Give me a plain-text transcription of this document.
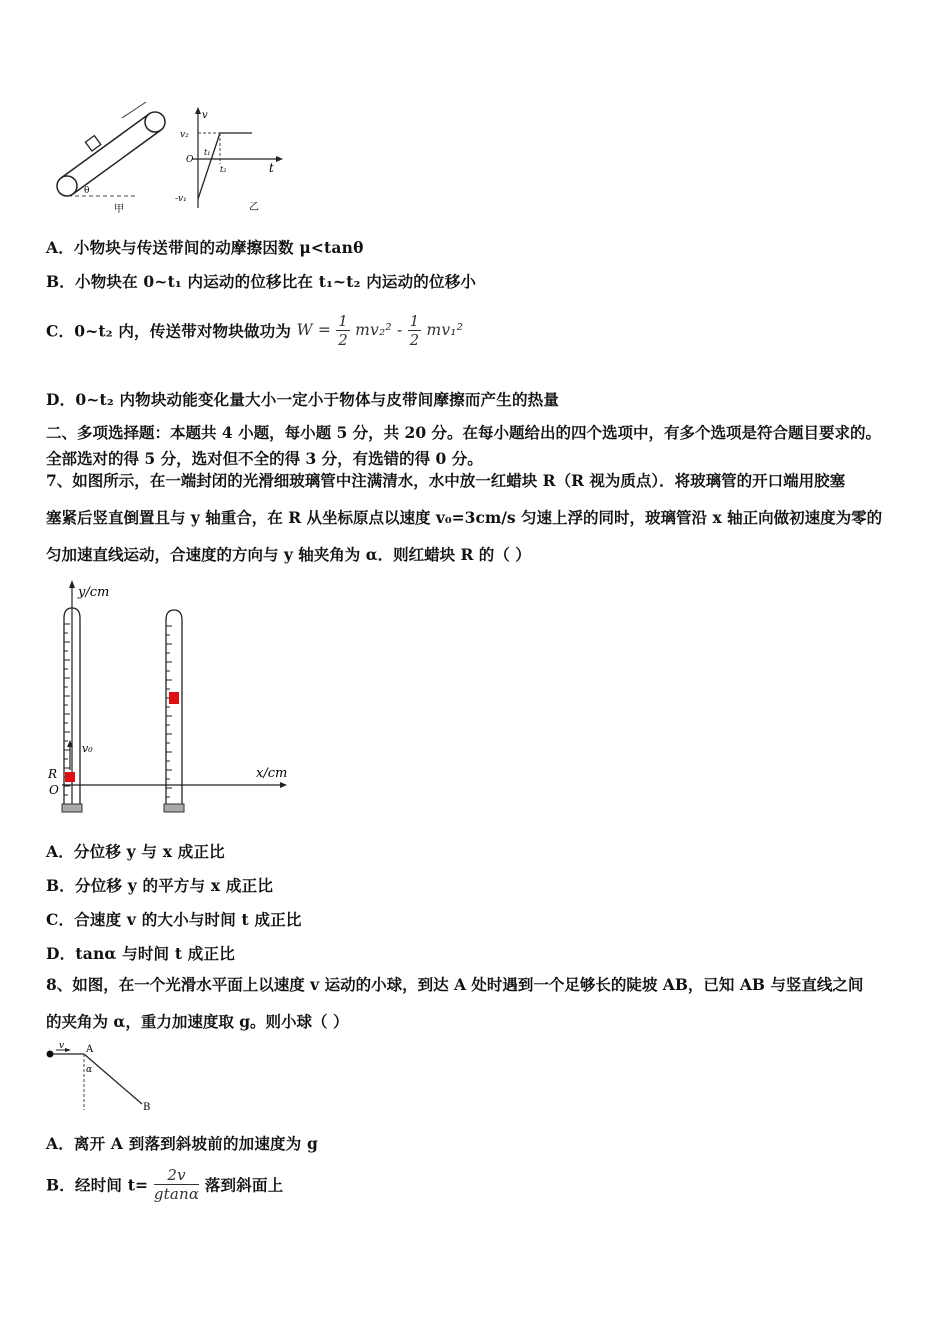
θ
甲
v
t
v₂
O
-v₁
t₁
t₂
乙
A．小物块与传送带间的动摩擦因数 μ<tanθ
B．小物块在 0~t₁ 内运动的位移比在 t₁~t₂ 内运动的位移小
C．0~t₂ 内，传送带对物块做功为 $W = \frac{1}{2} mv_2^2 - \frac{1}{2} mv_1^2$
D．0~t₂ 内物块动能变化量大小一定小于物体与皮带间摩擦而产生的热量
二、多项选择题：本题共 4 小题，每小题 5 分，共 20 分。在每小题给出的四个选项中，有多个选项是符合题目要求的。
全部选对的得 5 分，选对但不全的得 3 分，有选错的得 0 分。
7、如图所示，在一端封闭的光滑细玻璃管中注满清水，水中放一红蜡块 R（R 视为质点）．将玻璃管的开口端用胶塞
塞紧后竖直倒置且与 y 轴重合，在 R 从坐标原点以速度 v₀=3cm/s 匀速上浮的同时，玻璃管沿 x 轴正向做初速度为零的
匀加速直线运动，合速度的方向与 y 轴夹角为 α．则红蜡块 R 的（ ）
y/cm
x/cm
v₀
R
O
A．分位移 y 与 x 成正比
B．分位移 y 的平方与 x 成正比
C．合速度 v 的大小与时间 t 成正比
D．tanα 与时间 t 成正比
8、如图，在一个光滑水平面上以速度 v 运动的小球，到达 A 处时遇到一个足够长的陡坡 AB，已知 AB 与竖直线之间
的夹角为 α，重力加速度取 g。则小球（ ）
v A
α
B
A．离开 A 到落到斜坡前的加速度为 g
B．经时间 $t= \frac{2v}{gtan\alpha}$ 落到斜面上
